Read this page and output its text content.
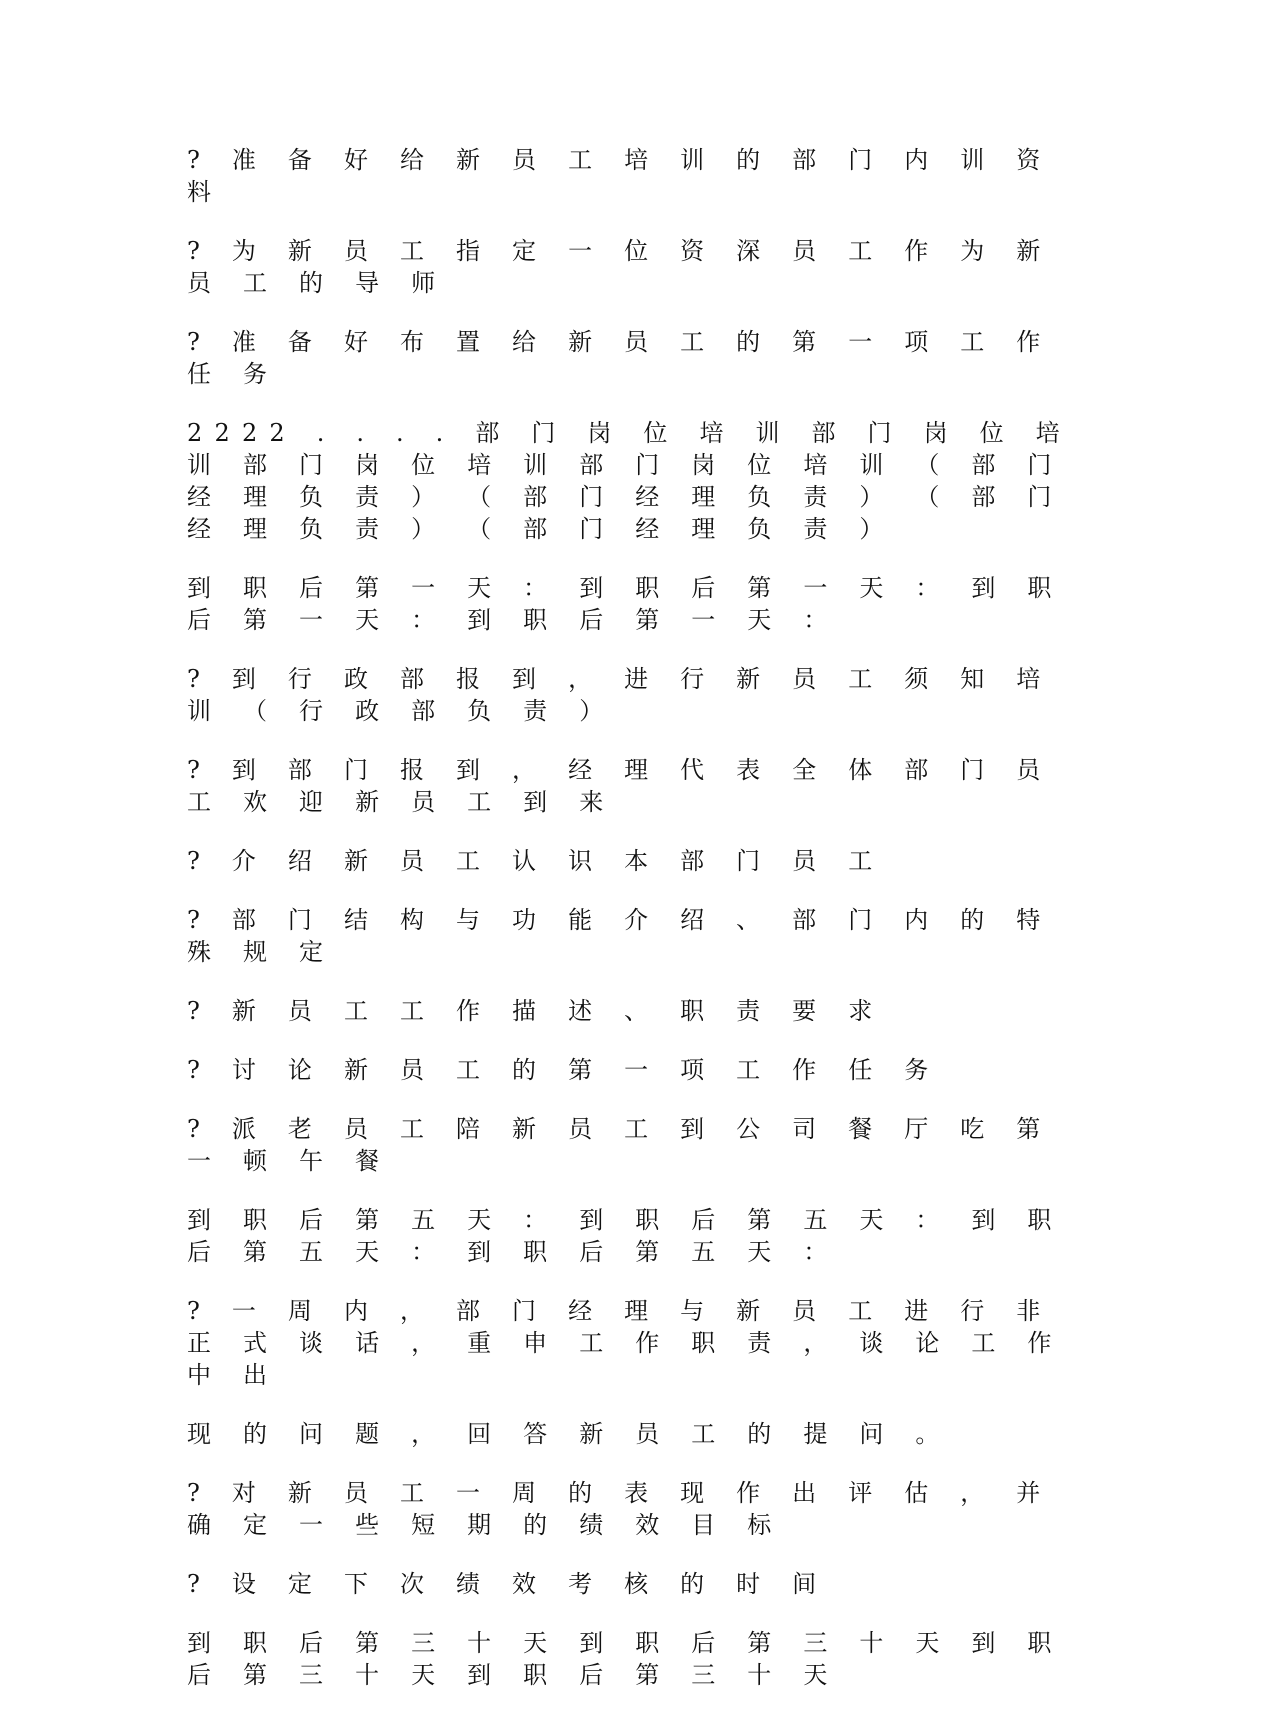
? 准 备 好 给 新 员 工 培 训 的 部 门 内 训 资 料

? 为 新 员 工 指 定 一 位 资 深 员 工 作 为 新 员 工 的 导 师

? 准 备 好 布 置 给 新 员 工 的 第 一 项 工 作 任 务

2222 . . . . 部 门 岗 位 培 训 部 门 岗 位 培 训 部 门 岗 位 培 训 部 门 岗 位 培 训 （ 部 门 经 理 负 责 ） （ 部 门 经 理 负 责 ） （ 部 门 经 理 负 责 ） （ 部 门 经 理 负 责 ）

到 职 后 第 一 天 ： 到 职 后 第 一 天 ： 到 职 后 第 一 天 ： 到 职 后 第 一 天 ：

? 到 行 政 部 报 到 ， 进 行 新 员 工 须 知 培 训 （ 行 政 部 负 责 ）

? 到 部 门 报 到 ， 经 理 代 表 全 体 部 门 员 工 欢 迎 新 员 工 到 来

? 介 绍 新 员 工 认 识 本 部 门 员 工

? 部 门 结 构 与 功 能 介 绍 、 部 门 内 的 特 殊 规 定

? 新 员 工 工 作 描 述 、 职 责 要 求

? 讨 论 新 员 工 的 第 一 项 工 作 任 务

? 派 老 员 工 陪 新 员 工 到 公 司 餐 厅 吃 第 一 顿 午 餐

到 职 后 第 五 天 ： 到 职 后 第 五 天 ： 到 职 后 第 五 天 ： 到 职 后 第 五 天 ：

? 一 周 内 ， 部 门 经 理 与 新 员 工 进 行 非 正 式 谈 话 ， 重 申 工 作 职 责 ， 谈 论 工 作 中 出

现 的 问 题 ， 回 答 新 员 工 的 提 问 。

? 对 新 员 工 一 周 的 表 现 作 出 评 估 ， 并 确 定 一 些 短 期 的 绩 效 目 标

? 设 定 下 次 绩 效 考 核 的 时 间

到 职 后 第 三 十 天 到 职 后 第 三 十 天 到 职 后 第 三 十 天 到 职 后 第 三 十 天
